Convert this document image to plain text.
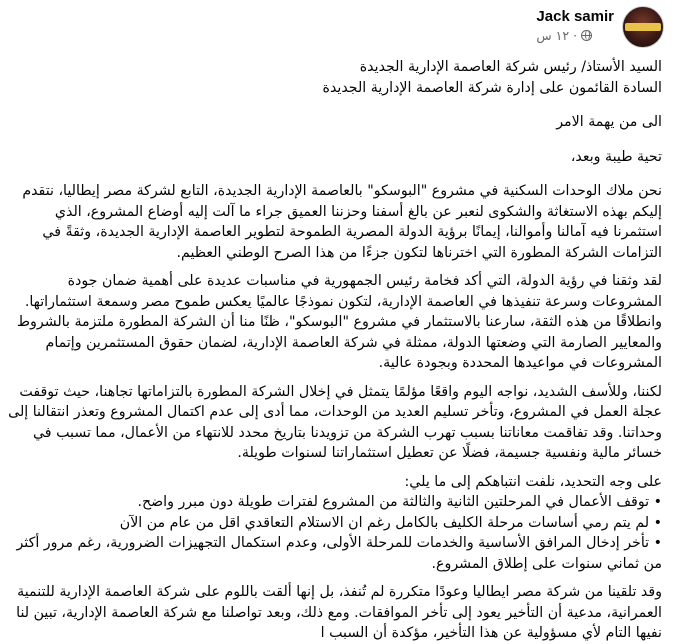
Jack samir
·
١٢ س

السيد الأستاذ/ رئيس شركة العاصمة الإدارية الجديدة

السادة القائمون على إدارة شركة العاصمة الإدارية الجديدة

الى من يهمة الامر

تحية طيبة وبعد،

نحن ملاك الوحدات السكنية في مشروع "البوسكو" بالعاصمة الإدارية الجديدة، التابع لشركة مصر إيطاليا، نتقدم إليكم بهذه الاستغاثة والشكوى لنعبر عن بالغ أسفنا وحزننا العميق جراء ما آلت إليه أوضاع المشروع، الذي استثمرنا فيه آمالنا وأموالنا، إيمانًا برؤية الدولة المصرية الطموحة لتطوير العاصمة الإدارية الجديدة، وثقةً في التزامات الشركة المطورة التي اخترناها لتكون جزءًا من هذا الصرح الوطني العظيم.

لقد وثقنا في رؤية الدولة، التي أكد فخامة رئيس الجمهورية في مناسبات عديدة على أهمية ضمان جودة المشروعات وسرعة تنفيذها في العاصمة الإدارية، لتكون نموذجًا عالميًا يعكس طموح مصر وسمعة استثماراتها. وانطلاقًا من هذه الثقة، سارعنا بالاستثمار في مشروع "البوسكو"، ظنًا منا أن الشركة المطورة ملتزمة بالشروط والمعايير الصارمة التي وضعتها الدولة، ممثلة في شركة العاصمة الإدارية، لضمان حقوق المستثمرين وإتمام المشروعات في مواعيدها المحددة وبجودة عالية.

لكننا، وللأسف الشديد، نواجه اليوم واقعًا مؤلمًا يتمثل في إخلال الشركة المطورة بالتزاماتها تجاهنا، حيث توقفت عجلة العمل في المشروع، وتأخر تسليم العديد من الوحدات، مما أدى إلى عدم اكتمال المشروع وتعذر انتقالنا إلى وحداتنا. وقد تفاقمت معاناتنا بسبب تهرب الشركة من تزويدنا بتاريخ محدد للانتهاء من الأعمال، مما تسبب في خسائر مالية ونفسية جسيمة، فضلًا عن تعطيل استثماراتنا لسنوات طويلة.

على وجه التحديد، نلفت انتباهكم إلى ما يلي:

• توقف الأعمال في المرحلتين الثانية والثالثة من المشروع لفترات طويلة دون مبرر واضح.
• لم يتم رمي أساسات مرحلة الكليف بالكامل رغم ان الاستلام التعاقدي اقل من عام من الآن
• تأخر إدخال المرافق الأساسية والخدمات للمرحلة الأولى، وعدم استكمال التجهيزات الضرورية، رغم مرور أكثر من ثماني سنوات على إطلاق المشروع.

وقد تلقينا من شركة مصر ايطاليا وعودًا متكررة لم تُنفذ، بل إنها ألقت باللوم على شركة العاصمة الإدارية للتنمية العمرانية، مدعية أن التأخير يعود إلى تأخر الموافقات. ومع ذلك، وبعد تواصلنا مع شركة العاصمة الإدارية، تبين لنا نفيها التام لأي مسؤولية عن هذا التأخير، مؤكدة أن السبب ا
